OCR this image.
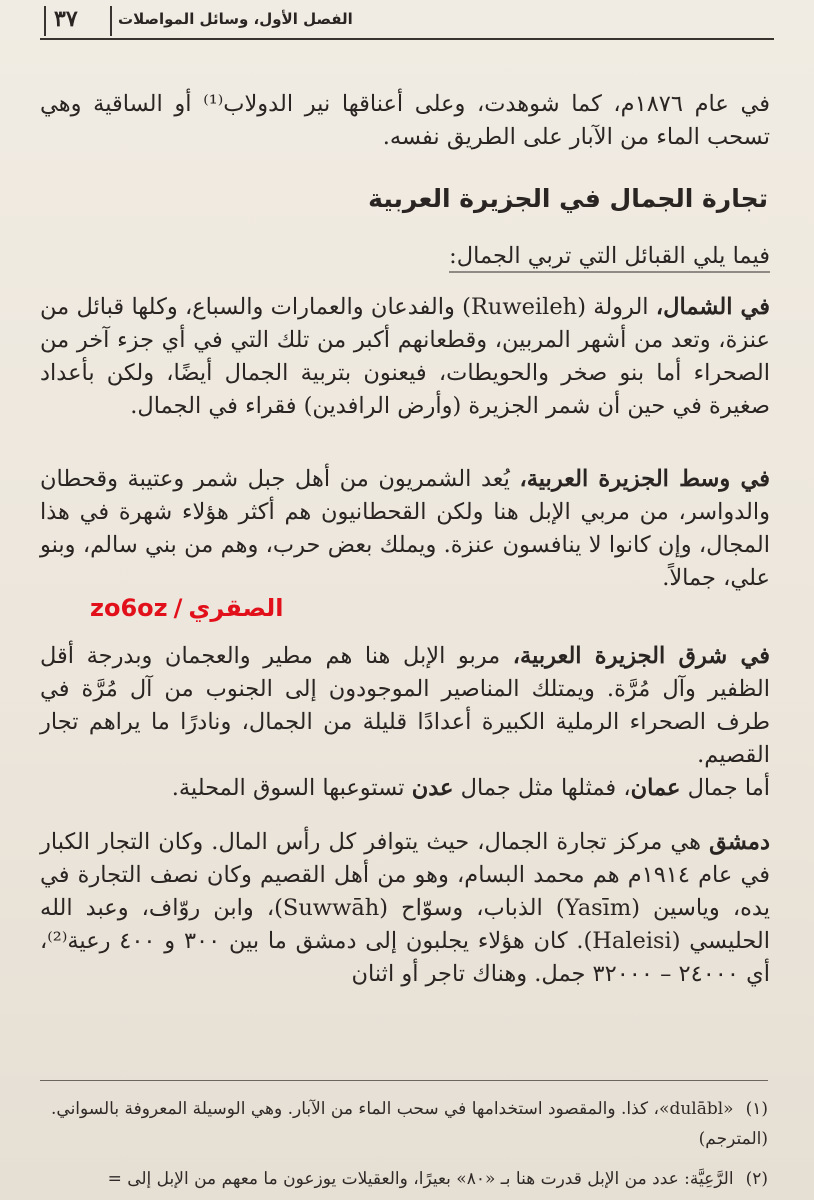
٣٧	الفصل الأول، وسائل المواصلات

في عام ١٨٧٦م، كما شوهدت، وعلى أعناقها نير الدولاب⁽¹⁾ أو الساقية وهي تسحب الماء من الآبار على الطريق نفسه.

تجارة الجمال في الجزيرة العربية

فيما يلي القبائل التي تربي الجمال:

في الشمال، الرولة (Ruweileh) والفدعان والعمارات والسباع، وكلها قبائل من عنزة، وتعد من أشهر المربين، وقطعانهم أكبر من تلك التي في أي جزء آخر من الصحراء أما بنو صخر والحويطات، فيعنون بتربية الجمال أيضًا، ولكن بأعداد صغيرة في حين أن شمر الجزيرة (وأرض الرافدين) فقراء في الجمال.

في وسط الجزيرة العربية، يُعد الشمريون من أهل جبل شمر وعتيبة وقحطان والدواسر، من مربي الإبل هنا ولكن القحطانيون هم أكثر هؤلاء شهرة في هذا المجال، وإن كانوا لا ينافسون عنزة. ويملك بعض حرب، وهم من بني سالم، وبنو علي، جمالاً.

zo6oz / الصقري

في شرق الجزيرة العربية، مربو الإبل هنا هم مطير والعجمان وبدرجة أقل الظفير وآل مُرَّة. ويمتلك المناصير الموجودون إلى الجنوب من آل مُرَّة في طرف الصحراء الرملية الكبيرة أعدادًا قليلة من الجمال، ونادرًا ما يراهم تجار القصيم.

أما جمال عمان، فمثلها مثل جمال عدن تستوعبها السوق المحلية.

دمشق هي مركز تجارة الجمال، حيث يتوافر كل رأس المال. وكان التجار الكبار في عام ١٩١٤م هم محمد البسام، وهو من أهل القصيم وكان نصف التجارة في يده، وياسين (Yasīm) الذباب، وسوّاح (Suwwāh)، وابن روّاف، وعبد الله الحليسي (Haleisi). كان هؤلاء يجلبون إلى دمشق ما بين ٣٠٠ و ٤٠٠ رعية⁽²⁾، أي ٢٤٠٠٠ – ٣٢٠٠٠ جمل. وهناك تاجر أو اثنان

(١)«dulābl»، كذا. والمقصود استخدامها في سحب الماء من الآبار. وهي الوسيلة المعروفة بالسواني. (المترجم)
(٢)الرَّعِيَّة: عدد من الإبل قدرت هنا بـ «٨٠» بعيرًا، والعقيلات يوزعون ما معهم من الإبل إلى =
